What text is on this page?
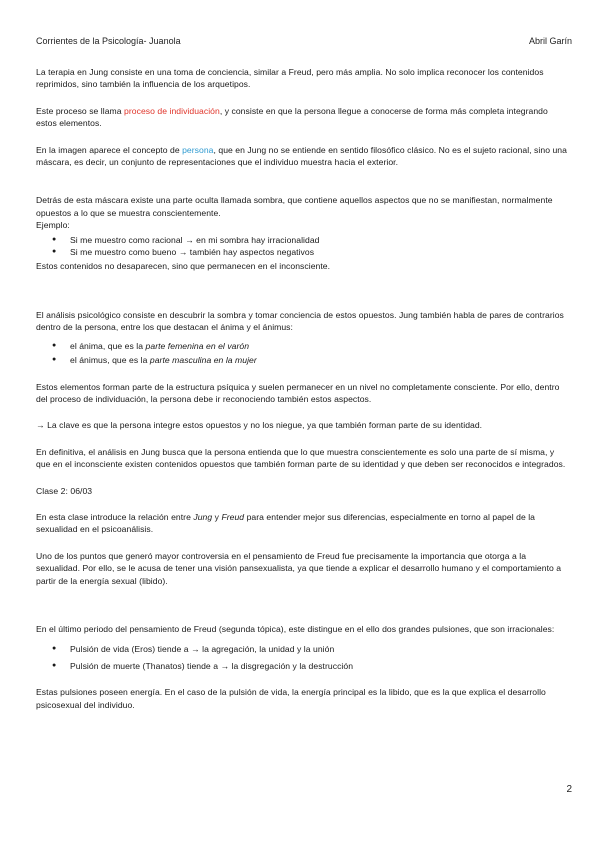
Corrientes de la Psicología- Juanola	Abril Garín

La terapia en Jung consiste en una toma de conciencia, similar a Freud, pero más amplia. No solo implica reconocer los contenidos reprimidos, sino también la influencia de los arquetipos.

Este proceso se llama proceso de individuación, y consiste en que la persona llegue a conocerse de forma más completa integrando estos elementos.

En la imagen aparece el concepto de persona, que en Jung no se entiende en sentido filosófico clásico. No es el sujeto racional, sino una máscara, es decir, un conjunto de representaciones que el individuo muestra hacia el exterior.

Detrás de esta máscara existe una parte oculta llamada sombra, que contiene aquellos aspectos que no se manifiestan, normalmente opuestos a lo que se muestra conscientemente.

Ejemplo:

● Si me muestro como racional → en mi sombra hay irracionalidad
● Si me muestro como bueno → también hay aspectos negativos

Estos contenidos no desaparecen, sino que permanecen en el inconsciente.

El análisis psicológico consiste en descubrir la sombra y tomar conciencia de estos opuestos. Jung también habla de pares de contrarios dentro de la persona, entre los que destacan el ánima y el ánimus:

● el ánima, que es la parte femenina en el varón
● el ánimus, que es la parte masculina en la mujer

Estos elementos forman parte de la estructura psíquica y suelen permanecer en un nivel no completamente consciente. Por ello, dentro del proceso de individuación, la persona debe ir reconociendo también estos aspectos.

→ La clave es que la persona integre estos opuestos y no los niegue, ya que también forman parte de su identidad.

En definitiva, el análisis en Jung busca que la persona entienda que lo que muestra conscientemente es solo una parte de sí misma, y que en el inconsciente existen contenidos opuestos que también forman parte de su identidad y que deben ser reconocidos e integrados.

Clase 2: 06/03

En esta clase introduce la relación entre Jung y Freud para entender mejor sus diferencias, especialmente en torno al papel de la sexualidad en el psicoanálisis.

Uno de los puntos que generó mayor controversia en el pensamiento de Freud fue precisamente la importancia que otorga a la sexualidad. Por ello, se le acusa de tener una visión pansexualista, ya que tiende a explicar el desarrollo humano y el comportamiento a partir de la energía sexual (libido).

En el último periodo del pensamiento de Freud (segunda tópica), este distingue en el ello dos grandes pulsiones, que son irracionales:

● Pulsión de vida (Eros) tiende a → la agregación, la unidad y la unión
● Pulsión de muerte (Thanatos) tiende a → la disgregación y la destrucción

Estas pulsiones poseen energía. En el caso de la pulsión de vida, la energía principal es la libido, que es la que explica el desarrollo psicosexual del individuo.

2
